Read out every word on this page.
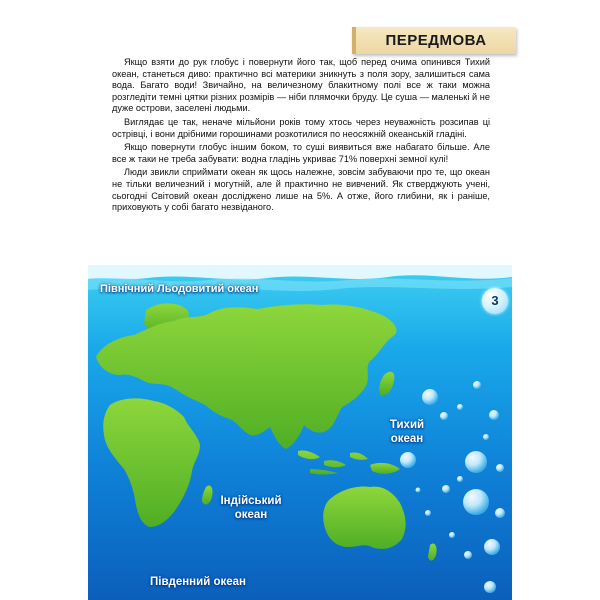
ПЕРЕДМОВА

Якщо взяти до рук глобус і повернути його так, щоб перед очима опинився Тихий океан, станеться диво: практично всі материки зникнуть з поля зору, залишиться сама вода. Багато води! Звичайно, на величезному блакитному полі все ж таки можна розгледіти темні цятки різних розмірів — ніби плямочки бруду. Це суша — маленькі й не дуже острови, заселені людьми.

Виглядає це так, неначе мільйони років тому хтось через неуважність розсипав ці острівці, і вони дрібними горошинами розкотилися по неосяжній океанській гладіні.

Якщо повернути глобус іншим боком, то суші виявиться вже набагато більше. Але все ж таки не треба забувати: водна гладінь укриває 71% поверхні земної кулі!

Люди звикли сприймати океан як щось належне, зовсім забуваючи про те, що океан не тільки величезний і могутній, але й практично не вивчений. Як стверджують учені, сьогодні Світовий океан досліджено лише на 5%. А отже, його глибини, як і раніше, приховують у собі багато незвіданого.

Північний Льодовитий океан
Тихий океан
Індійський океан
Південний океан
3
